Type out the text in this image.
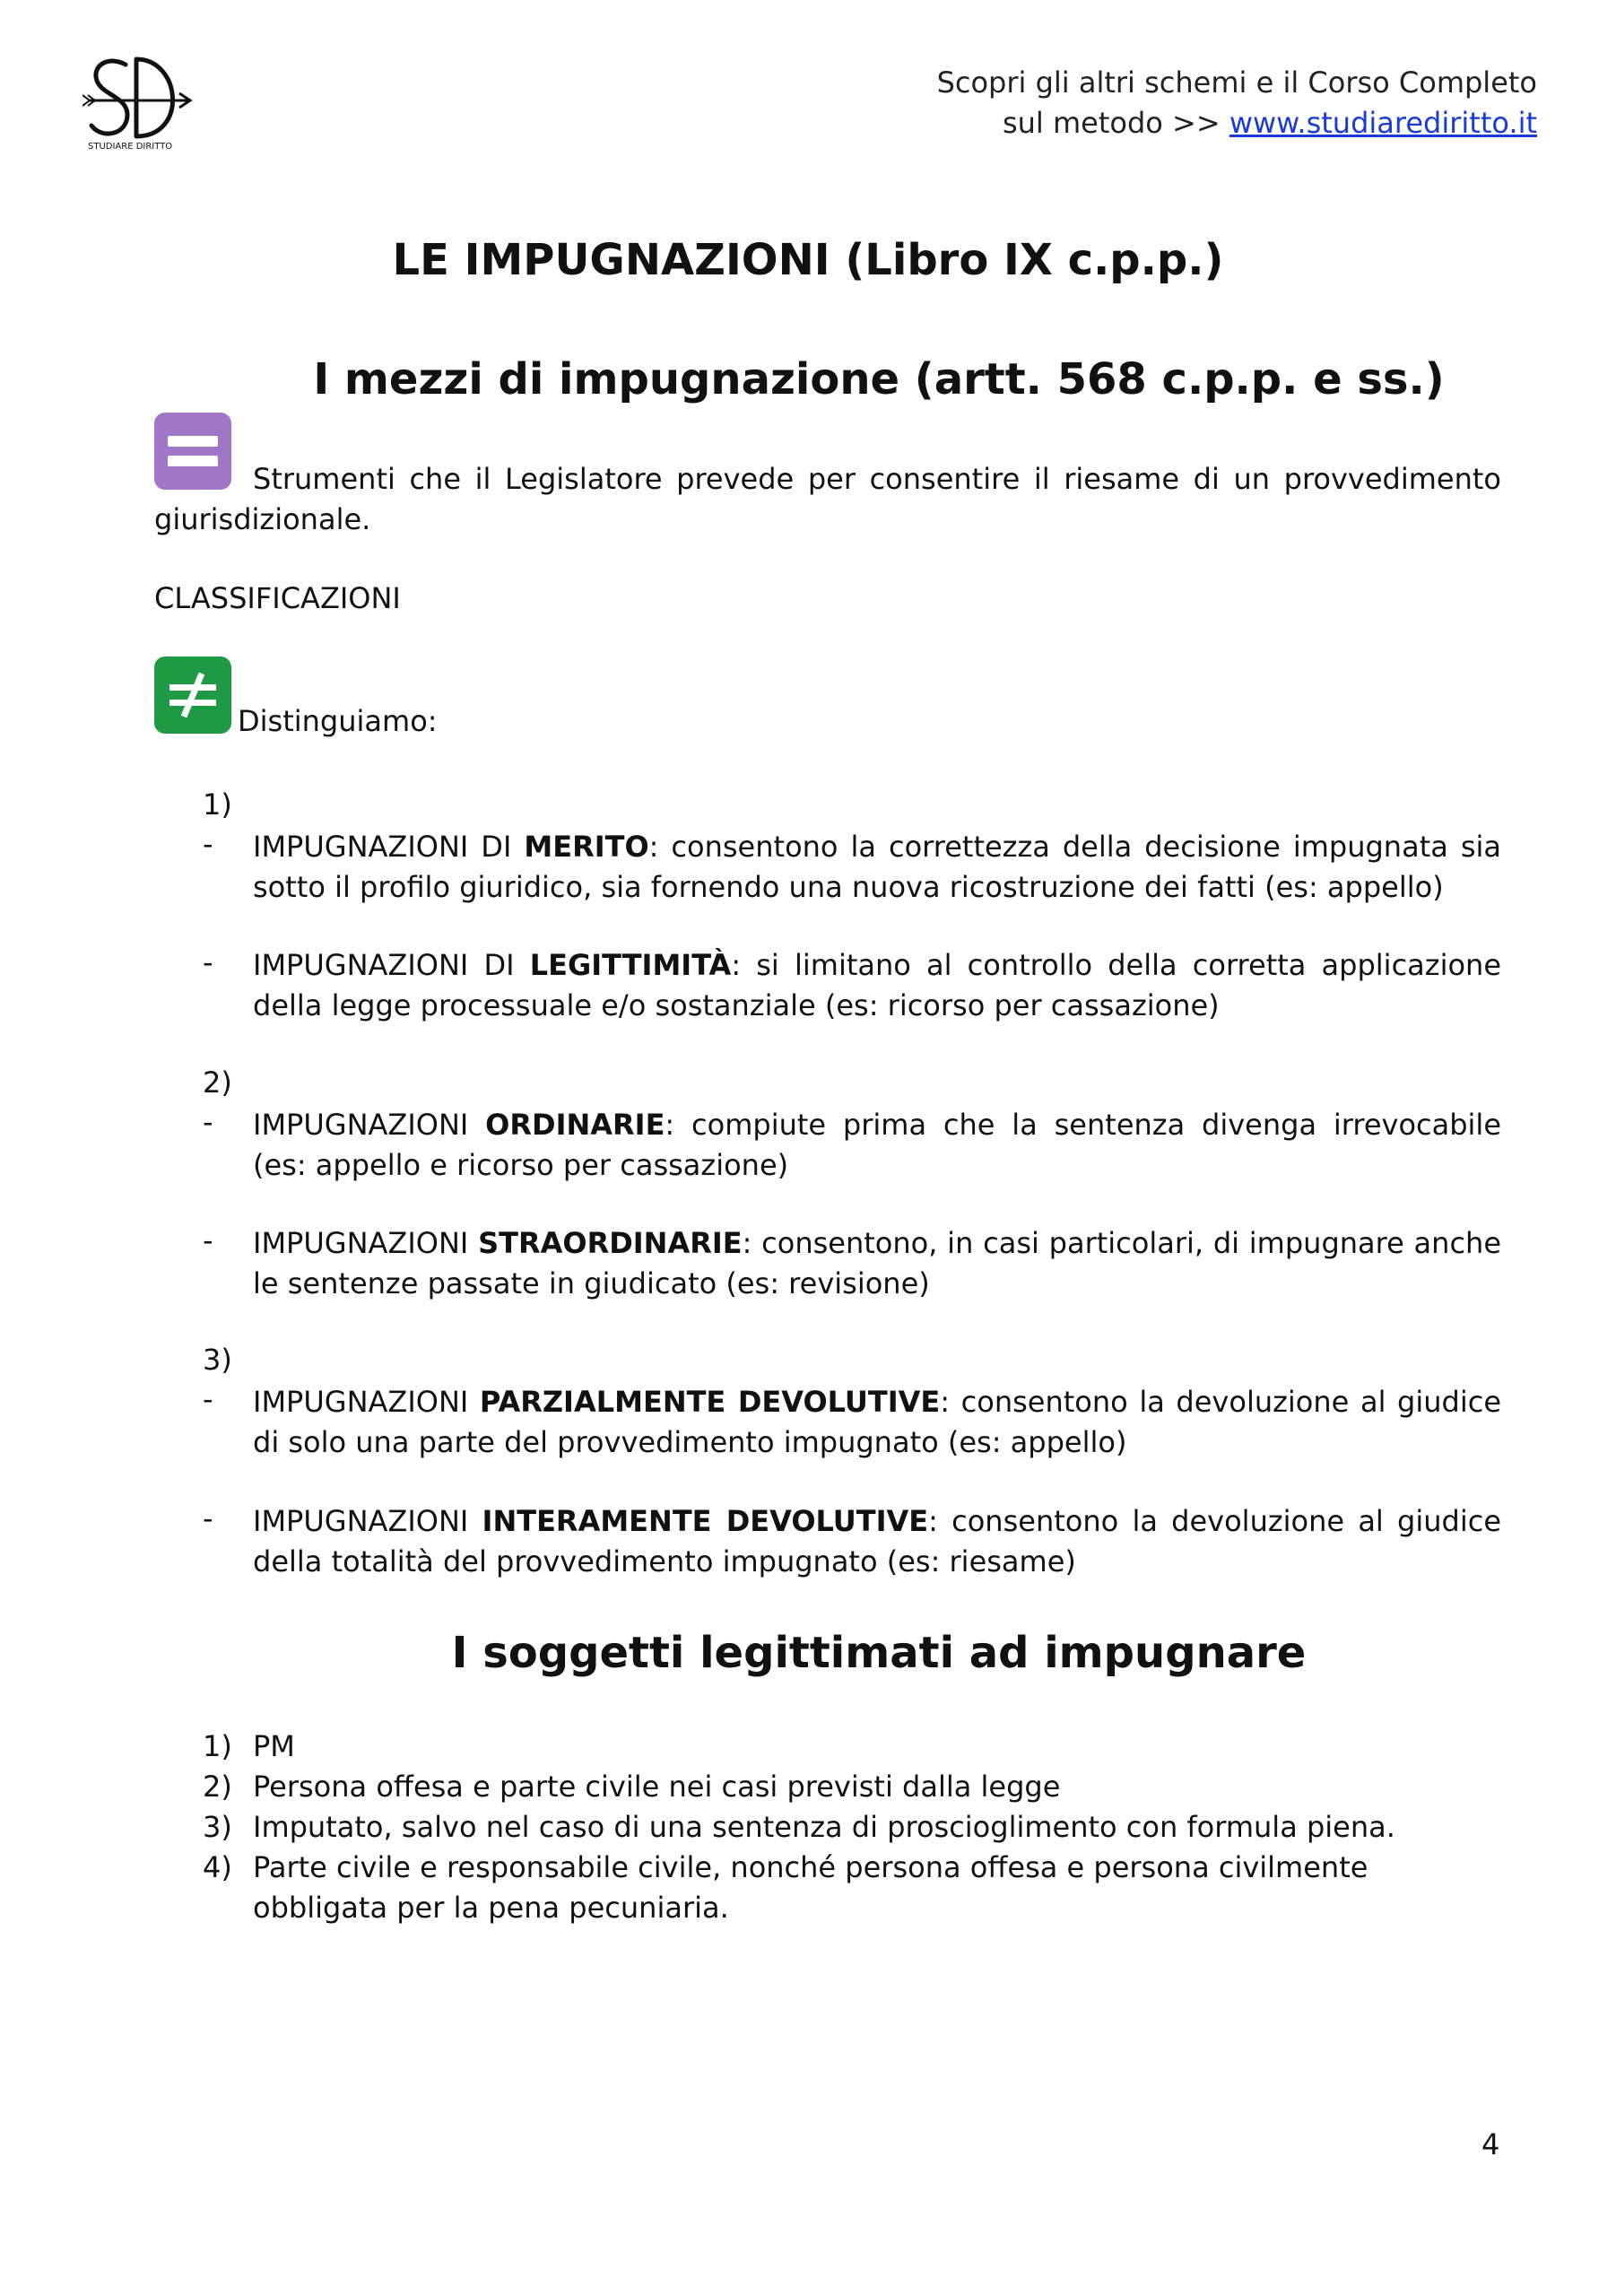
STUDIARE DIRITTO
Scopri gli altri schemi e il Corso Completo
sul metodo >> www.studiarediritto.it
LE IMPUGNAZIONI (Libro IX c.p.p.)
I mezzi di impugnazione (artt. 568 c.p.p. e ss.)
Strumenti che il Legislatore prevede per consentire il riesame di un provvedimento giurisdizionale.
CLASSIFICAZIONI
Distinguiamo:
1)
- IMPUGNAZIONI DI MERITO: consentono la correttezza della decisione impugnata sia sotto il profilo giuridico, sia fornendo una nuova ricostruzione dei fatti (es: appello)
- IMPUGNAZIONI DI LEGITTIMITÀ: si limitano al controllo della corretta applicazione della legge processuale e/o sostanziale (es: ricorso per cassazione)
2)
- IMPUGNAZIONI ORDINARIE: compiute prima che la sentenza divenga irrevocabile (es: appello e ricorso per cassazione)
- IMPUGNAZIONI STRAORDINARIE: consentono, in casi particolari, di impugnare anche le sentenze passate in giudicato (es: revisione)
3)
- IMPUGNAZIONI PARZIALMENTE DEVOLUTIVE: consentono la devoluzione al giudice di solo una parte del provvedimento impugnato (es: appello)
- IMPUGNAZIONI INTERAMENTE DEVOLUTIVE: consentono la devoluzione al giudice della totalità del provvedimento impugnato (es: riesame)
I soggetti legittimati ad impugnare
1) PM
2) Persona offesa e parte civile nei casi previsti dalla legge
3) Imputato, salvo nel caso di una sentenza di proscioglimento con formula piena.
4) Parte civile e responsabile civile, nonché persona offesa e persona civilmente obbligata per la pena pecuniaria.
4
